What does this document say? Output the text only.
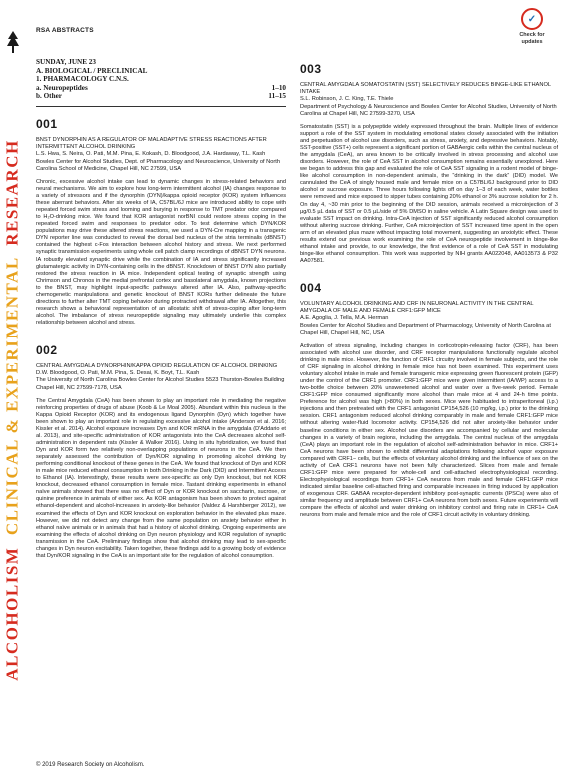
ALCOHOLISM  CLINICAL & EXPERIMENTAL  RESEARCH
RSA ABSTRACTS
✓
Check for
updates
SUNDAY, JUNE 23
A. BIOLOGICAL / PRECLINICAL
1. PHARMACOLOGY C.N.S.
a. Neuropeptides	1–10
b. Other	11–15
001
BNST DYNORPHIN AS A REGULATOR OF MALADAPTIVE STRESS REACTIONS AFTER INTERMITTENT ALCOHOL DRINKING
L.S. Hwa, S. Neira, O. Pati, M.M. Pina, E. Kokash, D. Bloodgood, J.A. Hardaway, T.L. Kash
Bowles Center for Alcohol Studies, Dept. of Pharmacology and Neuroscience, University of North Carolina School of Medicine, Chapel Hill, NC 27599, USA
Chronic, excessive alcohol intake can lead to dynamic changes in stress-related behaviors and neural mechanisms. We aim to explore how long-term intermittent alcohol (IA) changes response to a variety of stressors and if the dynorphin (DYN)/kappa opioid receptor (KOR) system influences these aberrant behaviors. After six weeks of IA, C57BL/6J mice are introduced ability to cope with repeated forced swim stress and looming and burying in response to TMT predator odor compared to H₂O-drinking mice. We found that KOR antagonist norBNI could restore stress coping in the repeated forced swim and responses to predator odor. To test determine which DYN/KOR populations may drive these altered stress reactions, we used a DYN-Cre mapping in a transgenic DYN reporter line was conducted to reveal the dorsal bed nucleus of the stria terminalis (dBNST) contained the highest c-Fos interaction between alcohol history and stress. We next performed synaptic transmission experiments using whole cell patch clamp recordings of dBNST DYN neurons. IA robustly elevated synaptic drive while the combination of IA and stress significantly increased glutamatergic activity in DYN-containing cells in the dBNST. Knockdown of BNST DYN also partially restored the stress reaction in IA mice. Independent optical testing of synaptic strength using Chrimson and Chronos in the medial prefrontal cortex and basolateral amygdala, known projections to the BNST, may highlight input-specific pathways altered after IA. Also, pathway-specific chemogenetic manipulations and genetic knockout of BNST KORs further delineate the future directions to further alter TMT coping behavior during protracted withdrawal after IA. Altogether, this research shows a behavioral representation of an allostatic shift of stress-coping after long-term alcohol. The imbalance of stress neuropeptide signaling may ultimately underlie this complex relationship between alcohol and stress.
002
CENTRAL AMYGDALA DYNORPHIN/KAPPA OPIOID REGULATION OF ALCOHOL DRINKING
D.W. Bloodgood, O. Pati, M.M. Pina, S. Desai, K. Boyt, T.L. Kash
The University of North Carolina Bowles Center for Alcohol Studies 5523 Thurston-Bowles Building Chapel Hill, NC 27599-7178, USA
The Central Amygdala (CeA) has been shown to play an important role in mediating the negative reinforcing properties of drugs of abuse (Koob & Le Moal 2005). Abundant within this nucleus is the Kappa Opioid Receptor (KOR) and its endogenous ligand Dynorphin (Dyn) which together have been shown to play an important role in regulating excessive alcohol intake (Anderson et al. 2016; Kissler et al. 2014). Alcohol exposure increases Dyn and KOR mRNA in the amygdala (D'Addario et al. 2013), and site-specific administration of KOR antagonists into the CeA decreases alcohol self-administration in dependent rats (Kissler & Walker 2016). Using in situ hybridization, we found that Dyn and KOR form two relatively non-overlapping populations of neurons in the CeA. We then separately assessed the contribution of Dyn/KOR signaling in promoting alcohol drinking by performing conditional knockout of these genes in the CeA. We found that knockout of Dyn and KOR in male mice reduced ethanol consumption in both Drinking in the Dark (DID) and Intermittent Access to Ethanol (IA). Interestingly, these results were sex-specific as only Dyn knockout, but not KOR knockout, decreased ethanol consumption in female mice. Tastant drinking experiments in ethanol naïve animals showed that there was no effect of Dyn or KOR knockout on saccharin, sucrose, or quinine preference in animals of either sex. As KOR antagonism has been shown to protect against ethanol-dependent and alcohol-increases in anxiety-like behavior (Valdez & Harshberger 2012), we examined the effects of Dyn and KOR knockout on exploration behavior in the elevated plus maze. However, we did not detect any change from the same population on anxiety behavior either in ethanol naïve animals or in animals that had a history of alcohol drinking. Ongoing experiments are examining the effects of alcohol drinking on Dyn neuron physiology and KOR regulation of synaptic transmission in the CeA. Preliminary findings show that alcohol drinking may lead to sex-specific changes in Dyn neuron excitability. Taken together, these findings add to a growing body of evidence that Dyn/KOR signaling in the CeA is an important site for the regulation of alcohol consumption.
003
CENTRAL AMYGDALA SOMATOSTATIN (SST) SELECTIVELY REDUCES BINGE-LIKE ETHANOL INTAKE
S.L. Robinson, J. C. King, T.E. Thiele
Department of Psychology & Neuroscience and Bowles Center for Alcohol Studies, University of North Carolina at Chapel Hill, NC 27599-3270, USA
Somatostatin (SST) is a polypeptide widely expressed throughout the brain. Multiple lines of evidence support a role of the SST system in modulating emotional states closely associated with the initiation and perpetuation of alcohol use disorders, such as stress, anxiety, and depressive behaviors. Notably, SST-positive (SST+) cells represent a significant portion of GABAergic cells within the central nucleus of the amygdala (CeA), an area known to be critically involved in stress processing and alcohol use disorders. However, the role of CeA SST in alcohol consumption remains essentially unexplored. Here we began to address this gap and evaluated the role of CeA SST signaling in a rodent model of binge-like alcohol consumption in non-dependent animals, the “drinking in the dark” (DID) model. We cannulated the CeA of singly housed male and female mice on a C57BL/6J background prior to DID alcohol or sucrose exposure. Three hours following lights off on day 1–3 of each week, water bottles were removed and mice exposed to sipper tubes containing 20% ethanol or 3% sucrose solution for 2 h. On day 4, ~30 min prior to the beginning of the DID session, animals received a microinjection of 3 µg/0.5 µL data of SST or 0.5 µL/side of 5% DMSO in saline vehicle. A Latin Square design was used to evaluate SST impact on drinking. Intra-CeA injection of SST significantly reduced alcohol consumption without altering sucrose drinking. Further, CeA microinjection of SST increased time spent in the open arm of an elevated plus maze without impacting total movement, suggesting an anxiolytic effect. These results extend our previous work examining the role of CeA neuropeptide involvement in binge-like ethanol intake and provide, to our knowledge, the first evidence of a role of CeA SST in modulating binge-like ethanol consumption. This work was supported by NIH grants AA022048, AA013573 & P32 AA07581.
004
VOLUNTARY ALCOHOL DRINKING AND CRF IN NEURONAL ACTIVITY IN THE CENTRAL AMYGDALA OF MALE AND FEMALE CRF1:GFP MICE
A.E. Agoglia, J. Tella, M.A. Herman
Bowles Center for Alcohol Studies and Department of Pharmacology, University of North Carolina at Chapel Hill, Chapel Hill, NC, USA
Activation of stress signaling, including changes in corticotropin-releasing factor (CRF), has been associated with alcohol use disorder, and CRF receptor manipulations functionally regulate alcohol drinking in male mice. However, the function of CRF1 circuitry involved in female subjects, and the role of CRF signaling in alcohol drinking in female mice has not been examined. This experiment uses voluntary alcohol intake in male and female transgenic mice expressing green fluorescent protein (GFP) under the control of the CRF1 promoter. CRF1:GFP mice were given intermittent (IA/WP) access to a two-bottle choice between 20% unsweetened alcohol and water over a five-week period. Female CRF1:GFP mice consumed significantly more alcohol than male mice at 4 and 24-h time points. Preference for alcohol was high (>80%) in both sexes. Mice were habituated to intraperitoneal (i.p.) injections and then pretreated with the CRF1 antagonist CP154,526 (10 mg/kg, i.p.) prior to the drinking session. CRF1 antagonism reduced alcohol drinking comparably in male and female CRF1:GFP mice without altering water-fluid locomotor activity. CP154,526 did not alter anxiety-like behavior under baseline conditions in either sex. Alcohol use disorders are accompanied by cellular and molecular changes in a variety of brain regions, including the amygdala. The central nucleus of the amygdala (CeA) plays an important role in the regulation of alcohol self-administration behavior in mice. CRF1+ CeA neurons have been shown to exhibit differential adaptations following alcohol vapor exposure compared with CRF1− cells, but the effects of voluntary alcohol drinking and the influence of sex on the activity of CeA CRF1 neurons have not been fully characterized. Slices from male and female CRF1:GFP mice were prepared for whole-cell and cell-attached electrophysiological recording. Electrophysiological recordings from CRF1+ CeA neurons from male and female CRF1:GFP mice indicated similar baseline cell-attached firing and comparable increases in firing induced by application of exogenous CRF. GABAA receptor-dependent inhibitory post-synaptic currents (IPSCs) were also of similar frequency and amplitude between CRF1+ CeA neurons from both sexes. Future experiments will compare the effects of alcohol and water drinking on inhibitory control and firing rate in CRF1+ CeA neurons from male and female mice and the role of CRF1 circuit activity in voluntary drinking.
© 2019 Research Society on Alcoholism.
